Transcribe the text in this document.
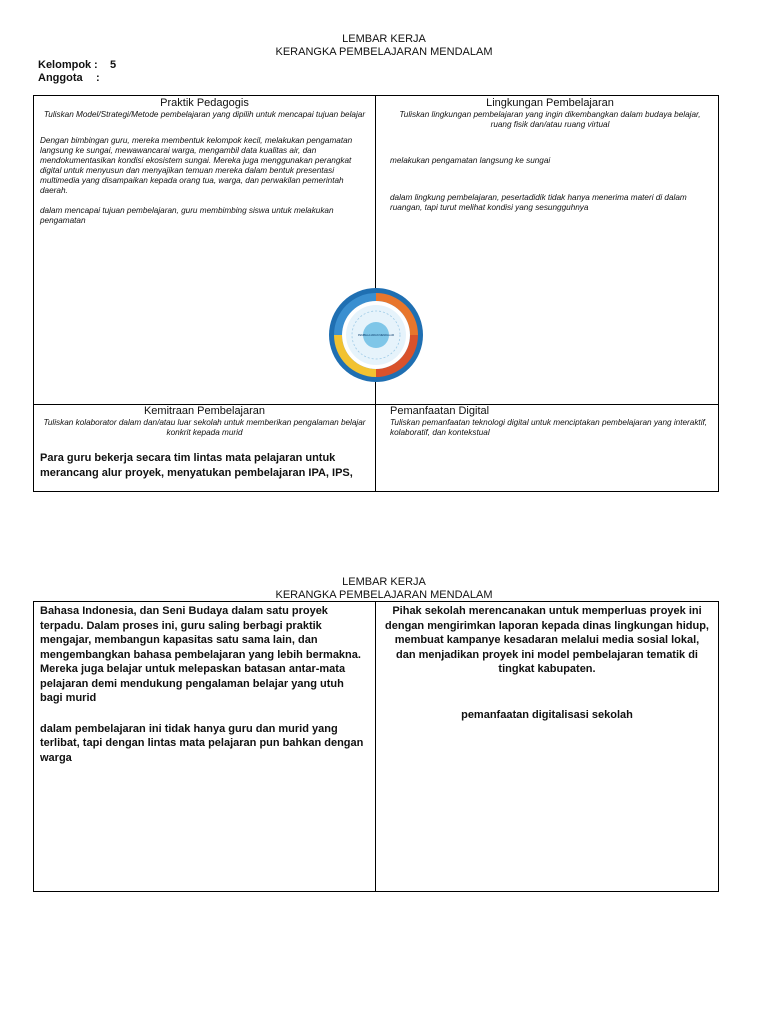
LEMBAR KERJA
KERANGKA PEMBELAJARAN MENDALAM
Kelompok : 5
Anggota :
Praktik Pedagogis
Tuliskan Model/Strategi/Metode pembelajaran yang dipilih untuk mencapai tujuan belajar

Dengan bimbingan guru, mereka membentuk kelompok kecil, melakukan pengamatan langsung ke sungai, mewawancarai warga, mengambil data kualitas air, dan mendokumentasikan kondisi ekosistem sungai. Mereka juga menggunakan perangkat digital untuk menyusun dan menyajikan temuan mereka dalam bentuk presentasi multimedia yang disampaikan kepada orang tua, warga, dan perwakilan pemerintah daerah.

dalam mencapai tujuan pembelajaran, guru membimbing siswa untuk melakukan pengamatan

Lingkungan Pembelajaran
Tuliskan lingkungan pembelajaran yang ingin dikembangkan dalam budaya belajar, ruang fisik dan/atau ruang virtual

melakukan pengamatan langsung ke sungai

dalam lingkung pembelajaran, pesertadidik tidak hanya menerima materi di dalam ruangan, tapi turut melihat kondisi yang sesungguhnya

Kemitraan Pembelajaran
Tuliskan kolaborator dalam dan/atau luar sekolah untuk memberikan pengalaman belajar konkrit kepada murid

Para guru bekerja secara tim lintas mata pelajaran untuk merancang alur proyek, menyatukan pembelajaran IPA, IPS,

Pemanfaatan Digital
Tuliskan pemanfaatan teknologi digital untuk menciptakan pembelajaran yang interaktif, kolaboratif, dan kontekstual
PEMBELAJARAN MENDALAM
LEMBAR KERJA
KERANGKA PEMBELAJARAN MENDALAM

Bahasa Indonesia, dan Seni Budaya dalam satu proyek terpadu. Dalam proses ini, guru saling berbagi praktik mengajar, membangun kapasitas satu sama lain, dan mengembangkan bahasa pembelajaran yang lebih bermakna. Mereka juga belajar untuk melepaskan batasan antar-mata pelajaran demi mendukung pengalaman belajar yang utuh bagi murid

dalam pembelajaran ini tidak hanya guru dan murid yang terlibat, tapi dengan lintas mata pelajaran pun bahkan dengan warga

Pihak sekolah merencanakan untuk memperluas proyek ini dengan mengirimkan laporan kepada dinas lingkungan hidup, membuat kampanye kesadaran melalui media sosial lokal, dan menjadikan proyek ini model pembelajaran tematik di tingkat kabupaten.

pemanfaatan digitalisasi sekolah
